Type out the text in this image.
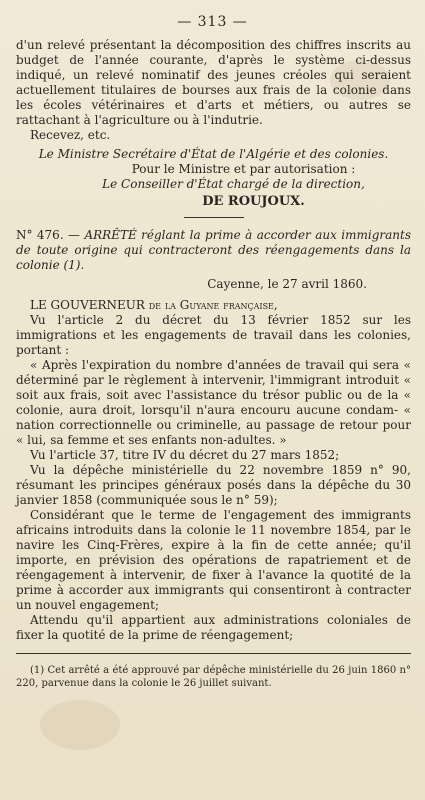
— 313 —

d'un relevé présentant la décomposition des chiffres inscrits au budget de l'année courante, d'après le système ci-dessus indiqué, un relevé nominatif des jeunes créoles qui seraient actuellement titulaires de bourses aux frais de la colonie dans les écoles vétérinaires et d'arts et métiers, ou autres se rattachant à l'agriculture ou à l'indutrie.

Recevez, etc.

Le Ministre Secrétaire d'État de l'Algérie et des colonies.

Pour le Ministre et par autorisation :

Le Conseiller d'État chargé de la direction,

DE ROUJOUX.

N° 476. — ARRÊTÉ réglant la prime à accorder aux immigrants de toute origine qui contracteront des réengagements dans la colonie (1).

Cayenne, le 27 avril 1860.

LE GOUVERNEUR de la Guyane française,

Vu l'article 2 du décret du 13 février 1852 sur les immigrations et les engagements de travail dans les colonies, portant :

« Après l'expiration du nombre d'années de travail qui sera « déterminé par le règlement à intervenir, l'immigrant introduit « soit aux frais, soit avec l'assistance du trésor public ou de la « colonie, aura droit, lorsqu'il n'aura encouru aucune condam- « nation correctionnelle ou criminelle, au passage de retour pour « lui, sa femme et ses enfants non-adultes. »

Vu l'article 37, titre IV du décret du 27 mars 1852;

Vu la dépêche ministérielle du 22 novembre 1859 n° 90, résumant les principes généraux posés dans la dépêche du 30 janvier 1858 (communiquée sous le n° 59);

Considérant que le terme de l'engagement des immigrants africains introduits dans la colonie le 11 novembre 1854, par le navire les Cinq-Frères, expire à la fin de cette année; qu'il importe, en prévision des opérations de rapatriement et de réengagement à intervenir, de fixer à l'avance la quotité de la prime à accorder aux immigrants qui consentiront à contracter un nouvel engagement;

Attendu qu'il appartient aux administrations coloniales de fixer la quotité de la prime de réengagement;

(1) Cet arrêté a été approuvé par dépêche ministérielle du 26 juin 1860 n° 220, parvenue dans la colonie le 26 juillet suivant.
